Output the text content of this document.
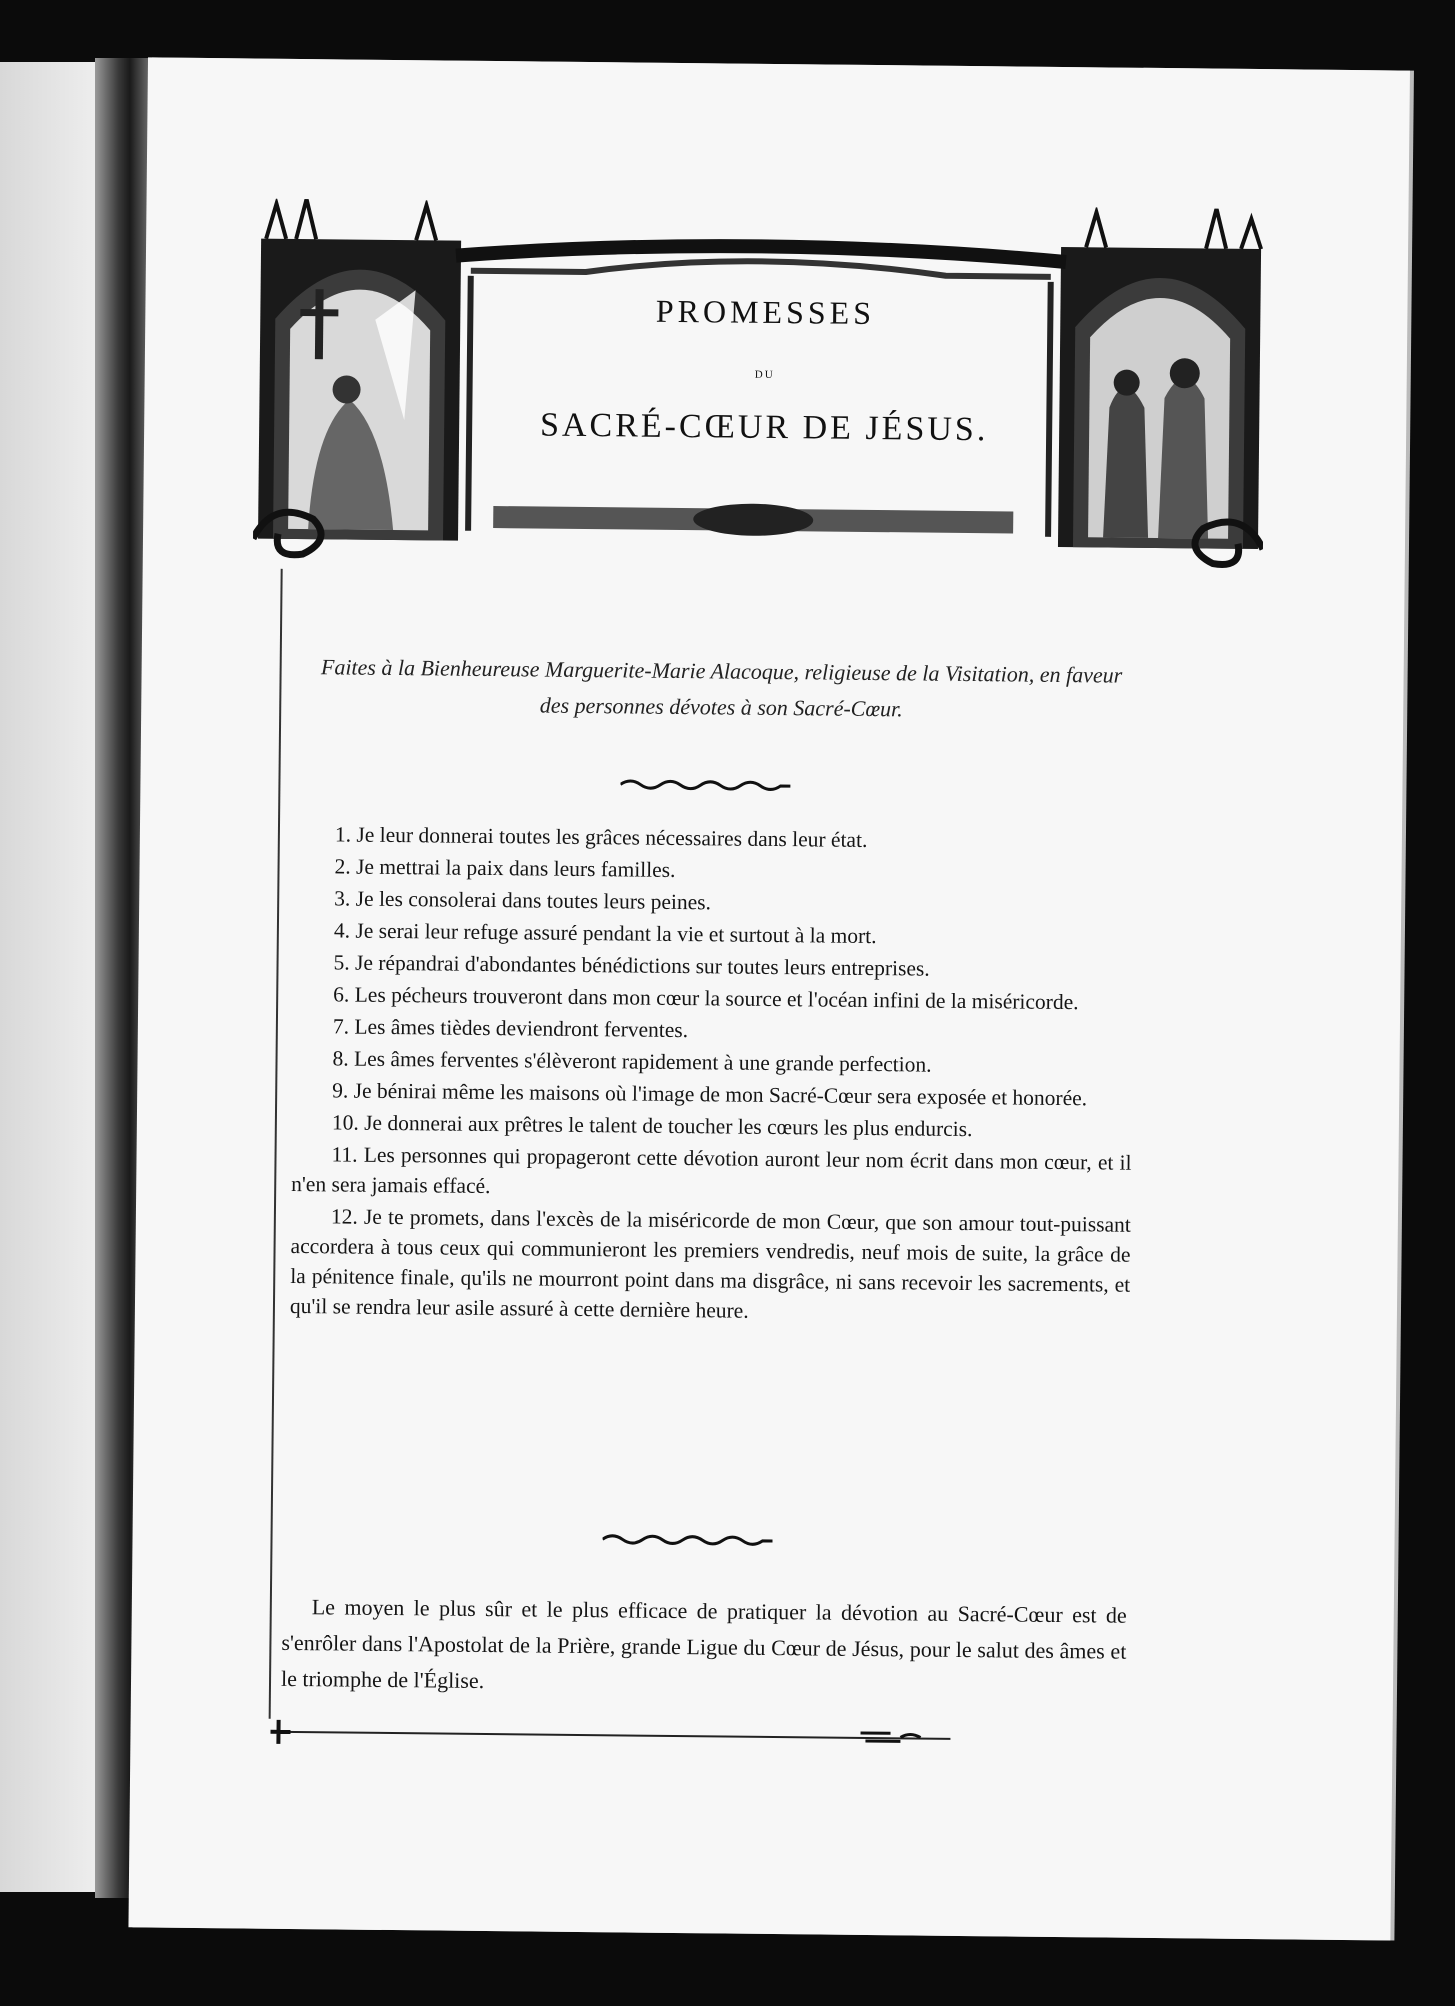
PROMESSES
DU
SACRÉ-CŒUR DE JÉSUS.
Faites à la Bienheureuse Marguerite-Marie Alacoque, religieuse de la Visitation, en faveur des personnes dévotes à son Sacré-Cœur.

1. Je leur donnerai toutes les grâces nécessaires dans leur état.

2. Je mettrai la paix dans leurs familles.

3. Je les consolerai dans toutes leurs peines.

4. Je serai leur refuge assuré pendant la vie et surtout à la mort.

5. Je répandrai d'abondantes bénédictions sur toutes leurs entreprises.

6. Les pécheurs trouveront dans mon cœur la source et l'océan infini de la miséricorde.

7. Les âmes tièdes deviendront ferventes.

8. Les âmes ferventes s'élèveront rapidement à une grande perfection.

9. Je bénirai même les maisons où l'image de mon Sacré-Cœur sera exposée et honorée.

10. Je donnerai aux prêtres le talent de toucher les cœurs les plus endurcis.

11. Les personnes qui propageront cette dévotion auront leur nom écrit dans mon cœur, et il n'en sera jamais effacé.

12. Je te promets, dans l'excès de la miséricorde de mon Cœur, que son amour tout-puissant accordera à tous ceux qui communieront les premiers vendredis, neuf mois de suite, la grâce de la pénitence finale, qu'ils ne mourront point dans ma disgrâce, ni sans recevoir les sacrements, et qu'il se rendra leur asile assuré à cette dernière heure.

Le moyen le plus sûr et le plus efficace de pratiquer la dévotion au Sacré-Cœur est de s'enrôler dans l'Apostolat de la Prière, grande Ligue du Cœur de Jésus, pour le salut des âmes et le triomphe de l'Église.
